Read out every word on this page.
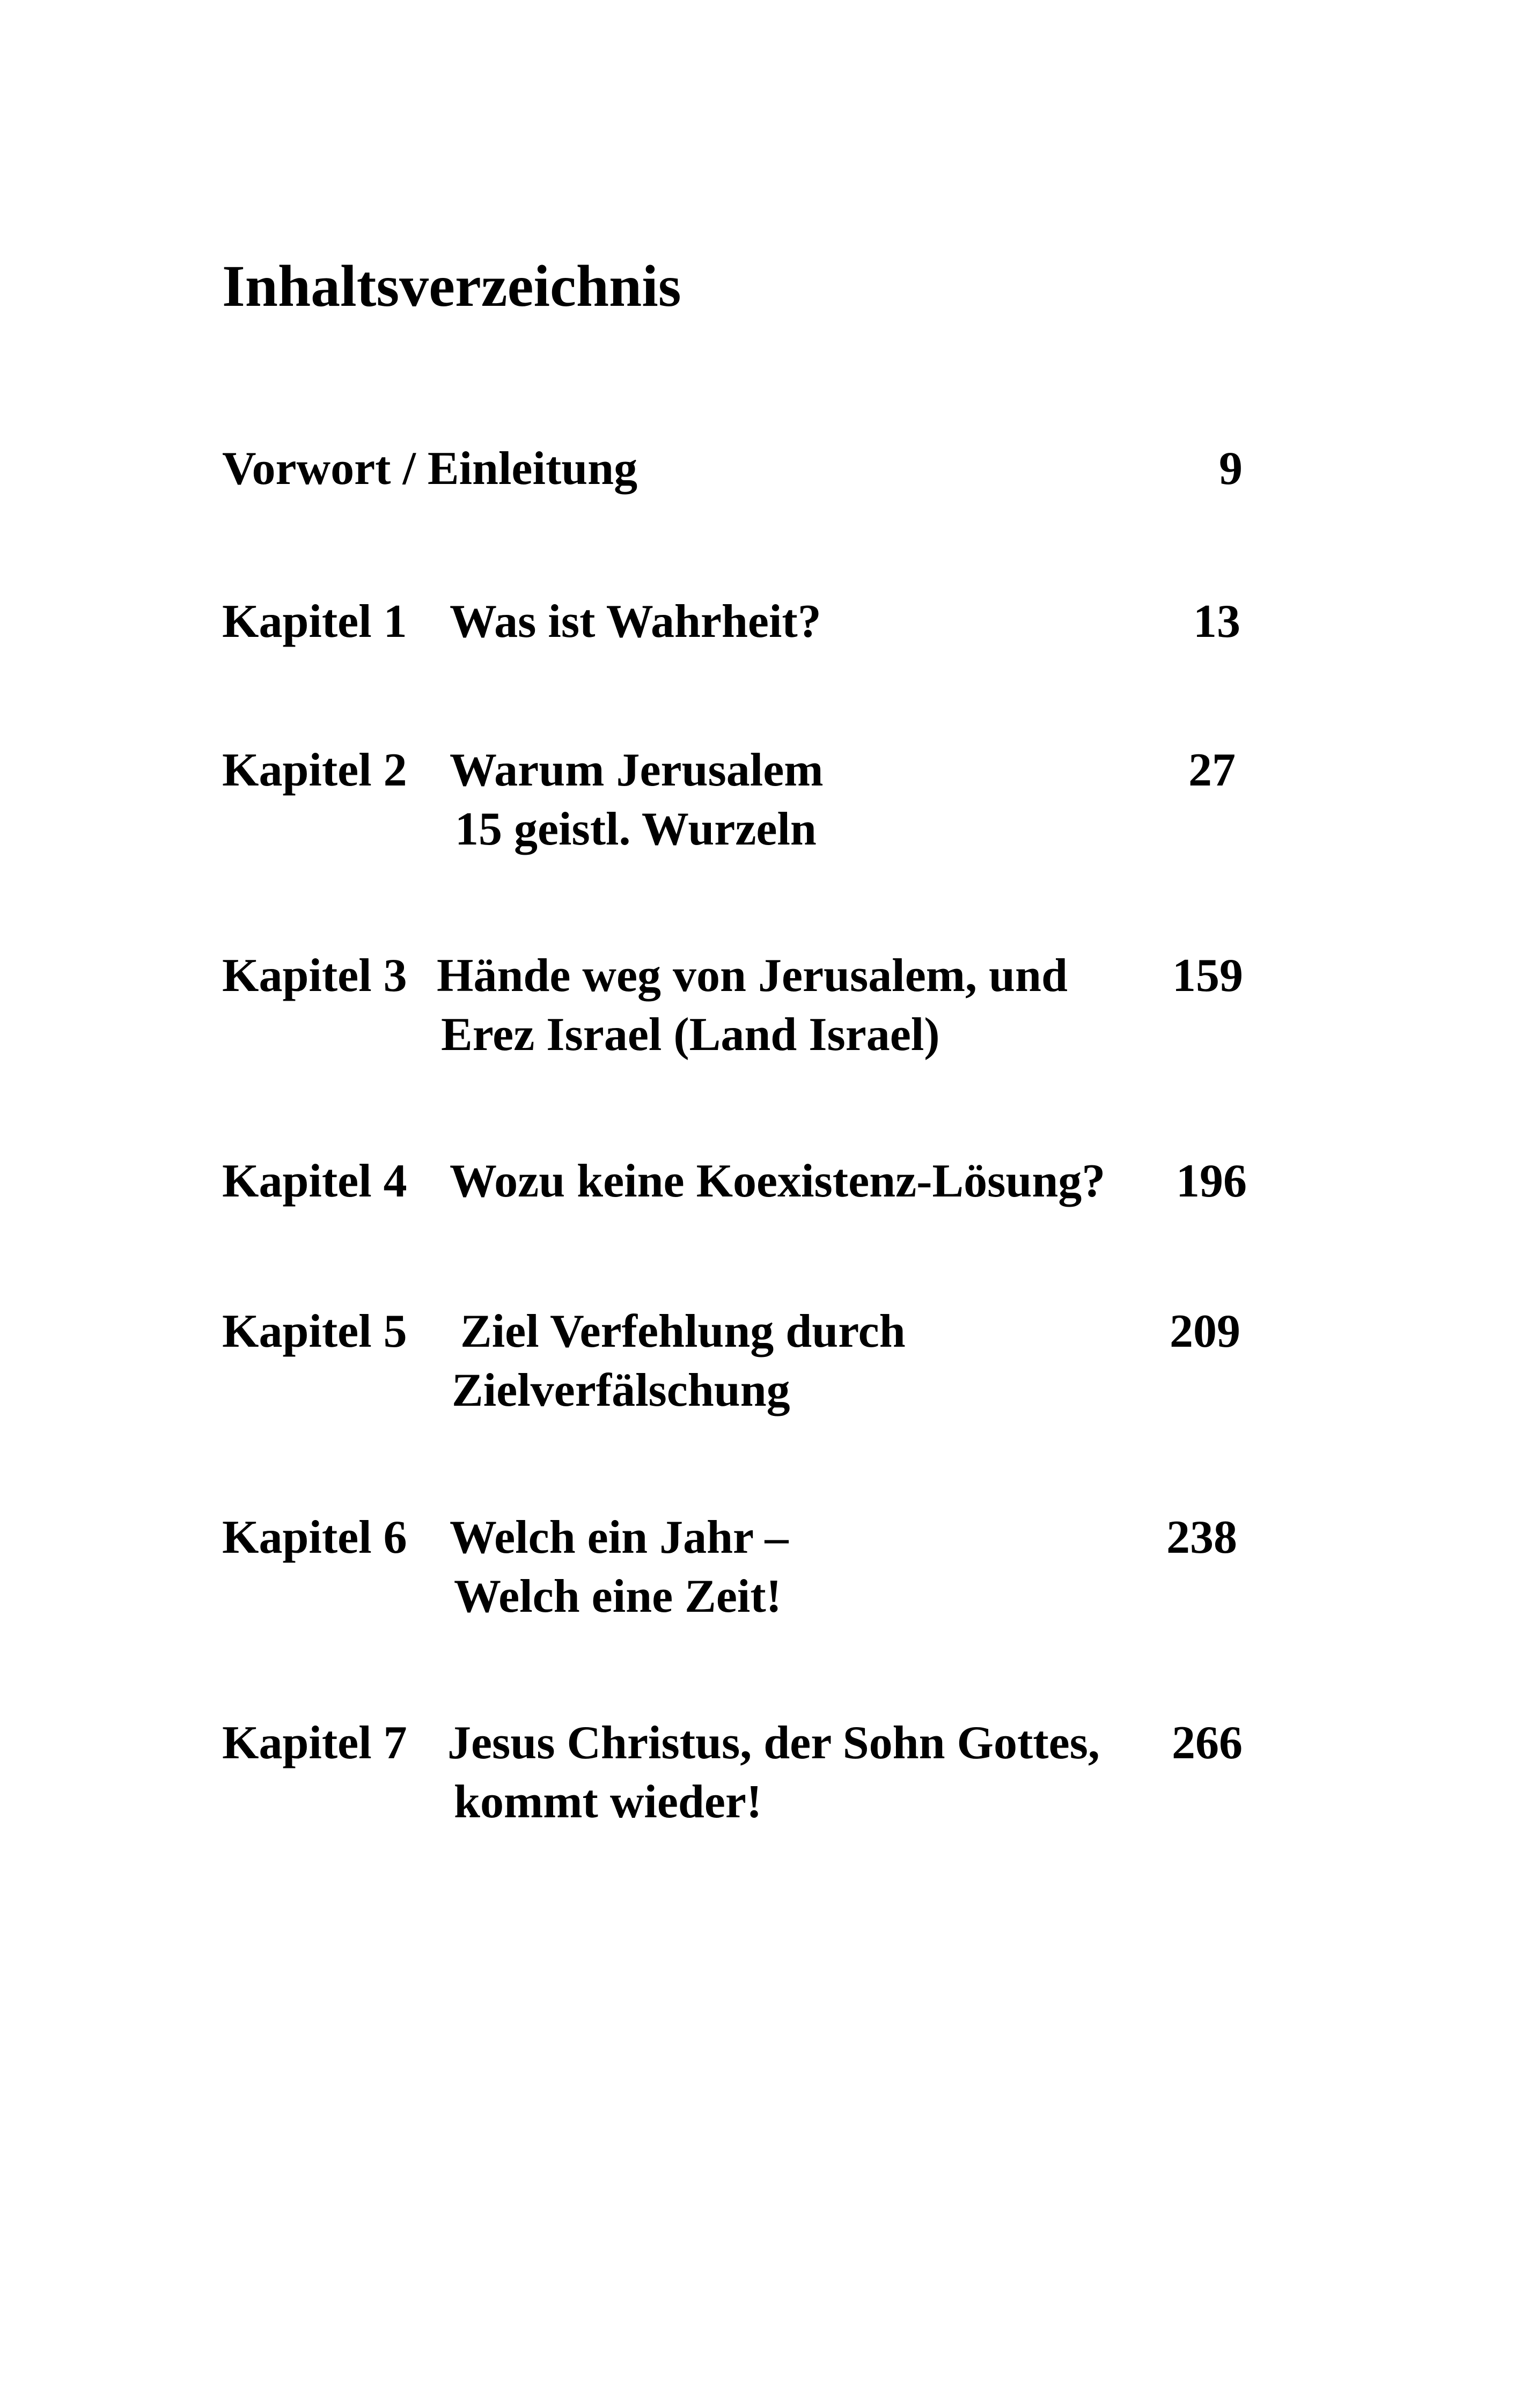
Inhaltsverzeichnis
Vorwort / Einleitung	9
Kapitel 1 Was ist Wahrheit?	13
Kapitel 2 Warum Jerusalem
15 geistl. Wurzeln
27
Kapitel 3 Hände weg von Jerusalem, und
Erez Israel (Land Israel)
159
Kapitel 4 Wozu keine Koexistenz-Lösung? 196
Kapitel 5 Ziel Verfehlung durch
Zielverfälschung
209
Kapitel 6 Welch ein Jahr –
Welch eine Zeit!
238
Kapitel 7 Jesus Christus, der Sohn Gottes,
kommt wieder!
266
